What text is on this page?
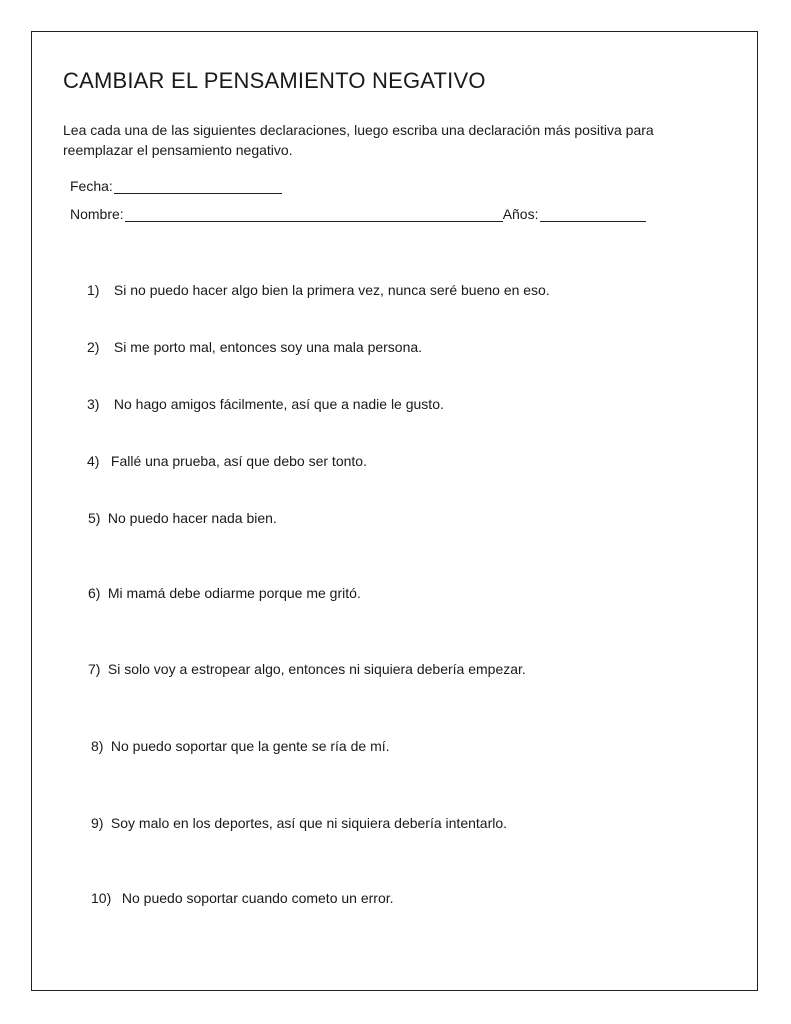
CAMBIAR EL PENSAMIENTO NEGATIVO
Lea cada una de las siguientes declaraciones, luego escriba una declaración más positiva para reemplazar el pensamiento negativo.
Fecha:
Nombre:	Años:
1) Si no puedo hacer algo bien la primera vez, nunca seré bueno en eso.
2) Si me porto mal, entonces soy una mala persona.
3) No hago amigos fácilmente, así que a nadie le gusto.
4) Fallé una prueba, así que debo ser tonto.
5) No puedo hacer nada bien.
6) Mi mamá debe odiarme porque me gritó.
7) Si solo voy a estropear algo, entonces ni siquiera debería empezar.
8) No puedo soportar que la gente se ría de mí.
9) Soy malo en los deportes, así que ni siquiera debería intentarlo.
10) No puedo soportar cuando cometo un error.
